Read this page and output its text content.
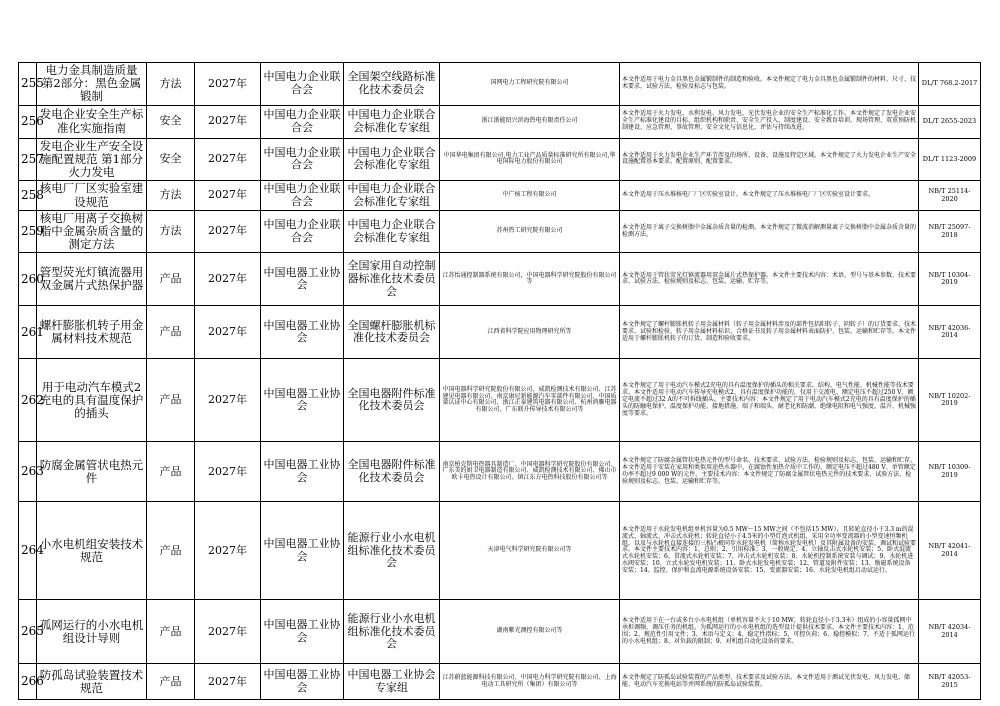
255	电力金具制造质量 第2部分：黑色金属锻制	方法	2027年	中国电力企业联合会	全国架空线路标准化技术委员会	国网电力工程研究院有限公司	本文件适用于电力金具黑色金属锻制件的制造和验收。本文件规定了电力金具黑色金属锻制件的材料、尺寸、技术要求、试验方法、检验及标志与包装。	DL/T 768.2-2017
256	发电企业安全生产标准化实施指南	安全	2027年	中国电力企业联合会	中国电力企业联合会标准化专家组	浙江浙能绍兴滨海热电有限责任公司	本文件适用于火力发电、水利发电、风力发电、光伏发电企业的安全生产标准化工作。本文件规定了发电企业安全生产标准化建设的目标、组织机构和职责、安全生产投入、制度建设、安全教育培训、现场管理、双重预防机制建设、应急管理、事故管理、安全文化与信息化、评估与持续改进。	DL/T 2655-2023
257	发电企业生产安全设施配置规范 第1部分火力发电	安全	2027年	中国电力企业联合会	中国电力企业联合会标准化专家组	中国华电集团有限公司,电力工业产品质量标准研究所有限公司,华电国际电力股份有限公司	本文件适用于火力发电企业生产环节涉及的场所、设备、设施及特定区域。本文件规定了火力发电企业生产安全设施配置基本要求、配置原则、配置要求。	DL/T 1123-2009
258	核电厂厂区实验室建设规范	方法	2027年	中国电力企业联合会	中国电力企业联合会标准化专家组	中广核工程有限公司	本文件适用于压水堆核电厂厂区实验室设计。本文件规定了压水堆核电厂厂区实验室设计要求。	NB/T 25114-2020
259	核电厂用离子交换树脂中金属杂质含量的测定方法	方法	2027年	中国电力企业联合会	中国电力企业联合会标准化专家组	苏州热工研究院有限公司	本文件适用于离子交换树脂中金属杂质含量的检测。本文件规定了微波消解测量离子交换树脂中金属杂质含量的检测方法。	NB/T 25097-2018
260	管型荧光灯镇流器用双金属片式热保护器	产品	2027年	中国电器工业协会	全国家用自动控制器标准化技术委员会	江苏怡通控制器系统有限公司，中国电器科学研究院股份有限公司等	本文件适用于管状荧光灯镇流器用双金属片式热保护器。本文件主要技术内容：术语、型号与基本参数、技术要求、试验方法、检验规则及标志、包装、运输、贮存等。	NB/T 10304-2019
261	螺杆膨胀机转子用金属材料技术规范	产品	2027年	中国电器工业协会	全国螺杆膨胀机标准化技术委员会	江西省科学院应用物理研究所等	本文件规定了螺杆膨胀机转子用金属材料（转子用金属材料涉及的部件包括阳转子、阴转子）的订货要求、技术要求、试验和检验，转子用金属材料标识、合格证书及转子用金属材料表面防护、包装、运输和贮存等。本文件适用于螺杆膨胀机转子的订货、制造和验收要求。	NB/T 42036-2014
262	用于电动汽车模式2充电的具有温度保护的插头	产品	2027年	中国电器工业协会	全国电器附件标准化技术委员会	中国电器科学研究院股份有限公司、威凯检测技术有限公司、江苏建见电器有限公司、南京康尼新能源汽车零部件有限公司、中国质量认证中心有限公司、浙江正泰建筑电器有限公司、杭州鸿雁电器有限公司、广东联升传导技术有限公司等	本文件规定了用于电动汽车模式2充电的具有温度保护的插头的相关要求。结构、电气性能、机械性能等技术要求。本文件适用于电动汽车传导充电模式2、具有温度保护功能的，仅用于交流电、额定电压不超过250 V、额定电流不超过32 A的不可拆线插头。主要技术内容：本文件规定了用于电动汽车模式2充电的具有温度保护的插头的防触电保护、温度保护功能、接地措施、端子和端头、耐老化和防潮、绝缘电阻和电气强度、温升、机械强度等要求。	NB/T 10202-2019
263	防腐金属管状电热元件	产品	2027年	中国电器工业协会	全国电器附件标准化技术委员会	南京柏克斯电热器具制造厂、中国电器科学研究院股份有限公司、广东美的厨卫电器制造有限公司、威凯检测技术有限公司、佛山市欧卡电热设计有限公司、镇江东方电热科技股份有限公司等	本文件规定了防腐金属管状电热元件的型号命名、技术要求、试验方法、检验规则及标志、包装、运输和贮存。本文件适用于安装在家用和类似用途热水器中、在腐蚀性加热介质中工作的、额定电压不超过480 V、单管额定功率不超过9 000 W的元件。主要技术内容：本文件规定了防腐金属管状电热元件的技术要求、试验方法、检验规则及标志、包装、运输和贮存等。	NB/T 10309-2019
264	小水电机组安装技术规范	产品	2027年	中国电器工业协会	能源行业小水电机组标准化技术委员会	天津电气科学研究院有限公司等	本文件适用于水轮发电机组单机容量为0.5 MW～15 MW之间（不包括15 MW），且转轮直径小于3.3 m的混流式、轴流式、冲击式水轮机；转轮直径小于4.5米的小型灯泡式机组，采用全功率变流器的小型变速恒频机组，以及与水轮机直接连接的三相凸极同步水轮发电机（简称水轮发电机）及其附属设备的安装、调试和试验要求。本文件主要技术内容：1、总则；2、引用标准；3、一般规定；4、立轴反击式水轮机安装；5、卧式混流式水轮机安装；6、贯流式水轮机安装；7、冲击式水轮机安装；8、水轮机控制系统安装与调试；9、水轮机进水阀安装；10、立式水轮发电机安装；11、卧式水轮发电机安装；12、管道及附件安装；13、励磁系统设备安装；14、监控、保护和直流电源系统设备安装；15、变流器安装；16、水轮发电机组启动试运行。	NB/T 42041-2014
265	孤网运行的小水电机组设计导则	产品	2027年	中国电器工业协会	能源行业小水电机组标准化技术委员会	湖南紫光测控有限公司等	本文件适用于在一台或多台小水电机组（单机容量不大于10 MW，转轮直径小于3.3米）组成的小容量孤网中承担调频、调压任务的机组。为孤网运行的小水电机组的选型设计提供技术要求。本文件主要技术内容：1、范围；2、规范性引用文件；3、术语与定义；4、稳定性指标；5、可控负荷；6、稳控模拟；7、不适于孤网运行的小水电机组；8、对负载的限制；9、对机组自动化设备的要求。	NB/T 42034-2014
266	防孤岛试验装置技术规范	产品	2027年	中国电器工业协会	中国电器工业协会专家组	江苏蔚蓝能源科技有限公司、中国电力科学研究院有限公司、上海电动工具研究所（集团）有限公司等	本文件规定了防孤岛试验装置的产品类型、技术要求及试验方法。本文件适用于测试光伏发电、风力发电、储能、电动汽车充换电站等并网系统的防孤岛试验装置。	NB/T 42053-2015
